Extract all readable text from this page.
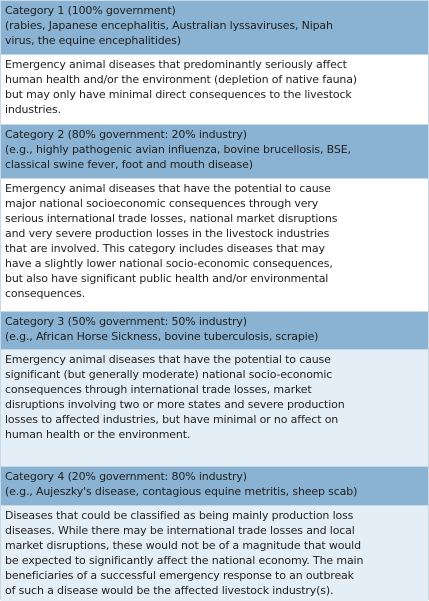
Category 1 (100% government)
(rabies, Japanese encephalitis, Australian lyssaviruses, Nipah
virus, the equine encephalitides)
Emergency animal diseases that predominantly seriously affect
human health and/or the environment (depletion of native fauna)
but may only have minimal direct consequences to the livestock
industries.
Category 2 (80% government: 20% industry)
(e.g., highly pathogenic avian influenza, bovine brucellosis, BSE,
classical swine fever, foot and mouth disease)
Emergency animal diseases that have the potential to cause
major national socioeconomic consequences through very
serious international trade losses, national market disruptions
and very severe production losses in the livestock industries
that are involved. This category includes diseases that may
have a slightly lower national socio-economic consequences,
but also have significant public health and/or environmental
consequences.
Category 3 (50% government: 50% industry)
(e.g., African Horse Sickness, bovine tuberculosis, scrapie)
Emergency animal diseases that have the potential to cause
significant (but generally moderate) national socio-economic
consequences through international trade losses, market
disruptions involving two or more states and severe production
losses to affected industries, but have minimal or no affect on
human health or the environment.
Category 4 (20% government: 80% industry)
(e.g., Aujeszky's disease, contagious equine metritis, sheep scab)
Diseases that could be classified as being mainly production loss
diseases. While there may be international trade losses and local
market disruptions, these would not be of a magnitude that would
be expected to significantly affect the national economy. The main
beneficiaries of a successful emergency response to an outbreak
of such a disease would be the affected livestock industry(s).
